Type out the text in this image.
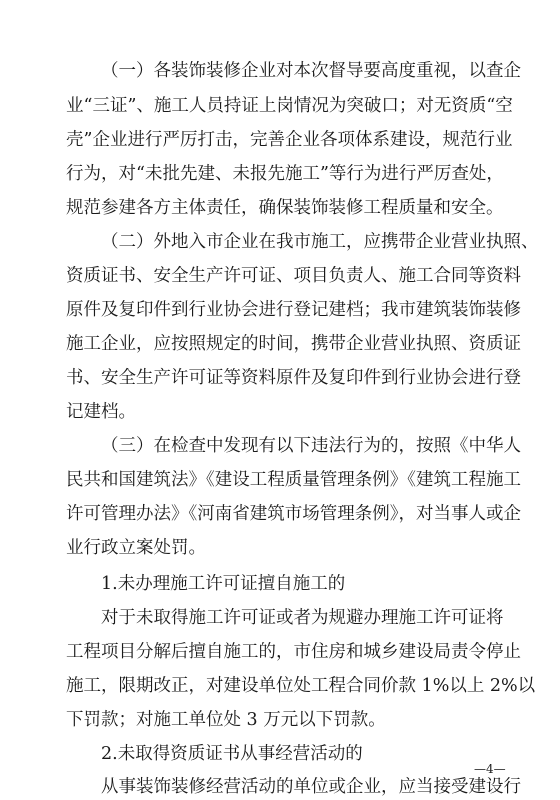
（一）各装饰装修企业对本次督导要高度重视，以查企
业“三证”、施工人员持证上岗情况为突破口；对无资质“空
壳”企业进行严厉打击，完善企业各项体系建设，规范行业
行为，对“未批先建、未报先施工”等行为进行严厉查处，
规范参建各方主体责任，确保装饰装修工程质量和安全。
（二）外地入市企业在我市施工，应携带企业营业执照、
资质证书、安全生产许可证、项目负责人、施工合同等资料
原件及复印件到行业协会进行登记建档；我市建筑装饰装修
施工企业，应按照规定的时间，携带企业营业执照、资质证
书、安全生产许可证等资料原件及复印件到行业协会进行登
记建档。
（三）在检查中发现有以下违法行为的，按照《中华人
民共和国建筑法》《建设工程质量管理条例》《建筑工程施工
许可管理办法》《河南省建筑市场管理条例》，对当事人或企
业行政立案处罚。
1.未办理施工许可证擅自施工的
对于未取得施工许可证或者为规避办理施工许可证将
工程项目分解后擅自施工的，市住房和城乡建设局责令停止
施工，限期改正，对建设单位处工程合同价款 1%以上 2%以
下罚款；对施工单位处 3 万元以下罚款。
2.未取得资质证书从事经营活动的
从事装饰装修经营活动的单位或企业，应当接受建设行
—4—
